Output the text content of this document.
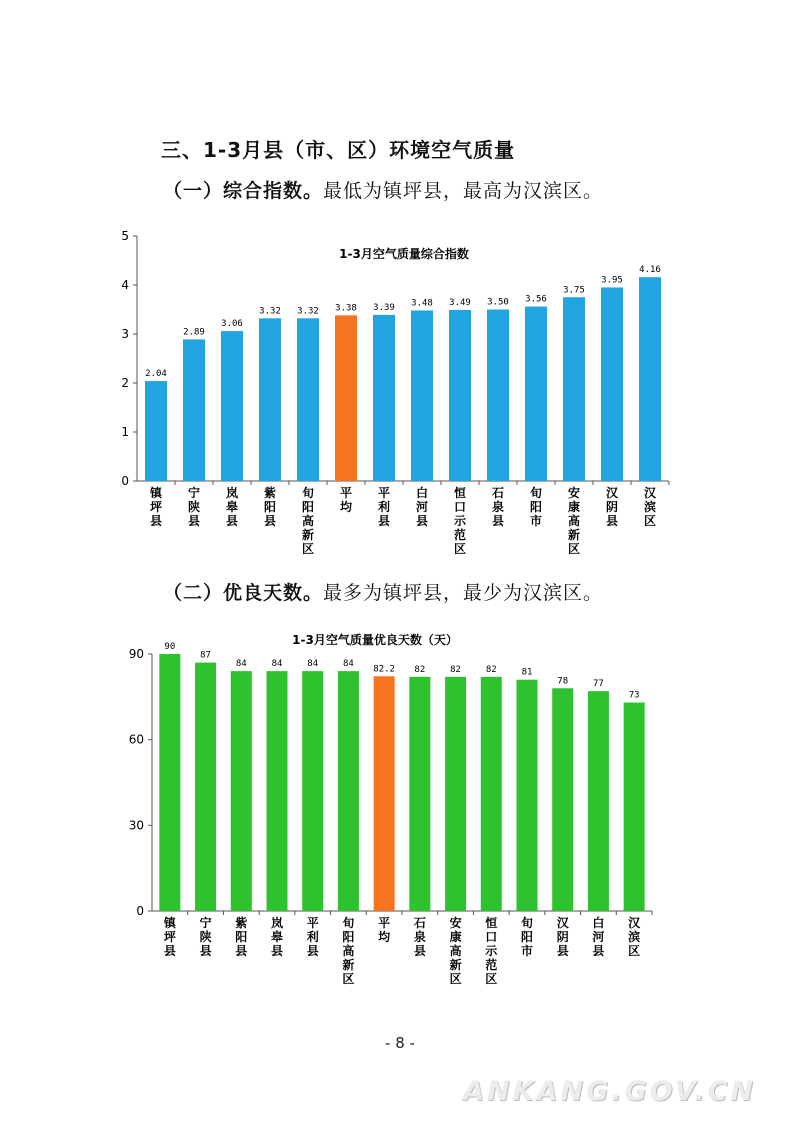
三、1-3月县（市、区）环境空气质量

（一）综合指数。最低为镇坪县，最高为汉滨区。

1-3月空气质量综合指数
0
1
2
3
4
5
2.04
镇坪县
2.89
宁陕县
3.06
岚皋县
3.32
紫阳县
3.32
旬阳高新区
3.38
平均
3.39
平利县
3.48
白河县
3.49
恒口示范区
3.50
石泉县
3.56
旬阳市
3.75
安康高新区
3.95
汉阴县
4.16
汉滨区

（二）优良天数。最多为镇坪县，最少为汉滨区。

1-3月空气质量优良天数（天）
0
30
60
90 90
镇坪县
87
宁陕县
84
紫阳县
84
岚皋县
84
平利县
84
旬阳高新区
82.2
平均
82
石泉县
82
安康高新区
82
恒口示范区
81
旬阳市
78
汉阴县
77
白河县
73
汉滨区
- 8 -
ANKANG.GOV.CN
